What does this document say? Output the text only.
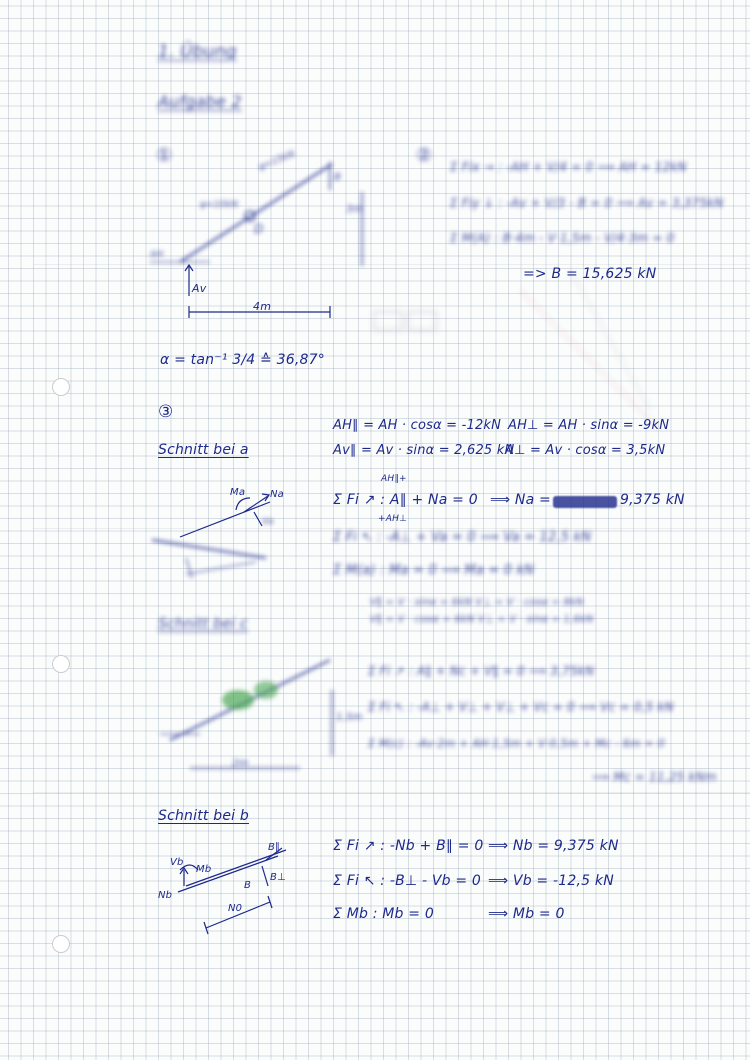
1. Übung
Aufgabe 2
①	ψ=15kN
ψ=10kN	3m
B
D
AH
Av
4m
②
Σ Fix → : -AH + V/4 = 0 ⟹ AH = 12kN
Σ Fiy ↓ : -Av + V/3 - B = 0 ⟹ Av = 3,375kN
Σ M(A) : B·4m - V·1,5m - V/4·3m = 0
=> B = 15,625 kN
α = tan⁻¹ 3/4 ≙ 36,87°
③
Schnitt bei a
AH∥ = AH · cosα = -12kN AH⊥ = AH · sinα = -9kN
Av∥ = Av · sinα = 2,625 kN
A⊥ = Av · cosα = 3,5kN
AH∥+
Σ Fi ↗ : A∥ + Na = 0
+AH⊥
⟹ Na =	9,375 kN
Σ Fi ↖ : -A⊥ + Va = 0 ⟹ Va = 12,5 kN
Σ M(a) : Ma = 0 ⟹ Ma = 0 kN
Ma Na
Va
Schnitt bei c
V∥ = V · sinα = 6kN V⊥ = V · cosα = 8kN
V∥ = V · cosα = 6kN V⊥ = V · sinα = 1,6kN
Σ Fi ↗ : A∥ + Nc + V∥ = 0 ⟹ 3,75kN
Σ Fi ↖ : -A⊥ + V⊥ + V⊥ + Vc = 0 ⟹ Vc = 0,5 kN
Σ M(c) : -Av·2m + AH·1,5m + V·0,5m + Mc - 6m = 0
⟹ Mc = 11,25 kNm
2m
1,5m
Schnitt bei b
Σ Fi ↗ : -Nb + B∥ = 0 ⟹ Nb = 9,375 kN
Σ Fi ↖ : -B⊥ - Vb = 0 ⟹ Vb = -12,5 kN
Σ Mb : Mb = 0	⟹ Mb = 0
Vb
Mb
Nb
B∥
B⊥
B
N0
